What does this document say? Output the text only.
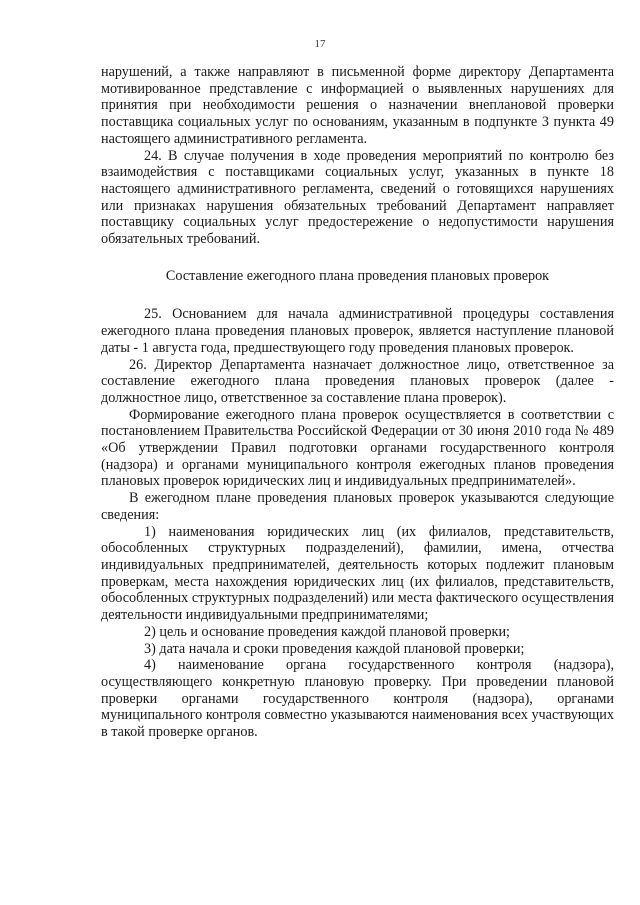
17

нарушений, а также направляют в письменной форме директору Департамента мотивированное представление с информацией о выявленных нарушениях для принятия при необходимости решения о назначении внеплановой проверки поставщика социальных услуг по основаниям, указанным в подпункте 3 пункта 49 настоящего административного регламента.

24. В случае получения в ходе проведения мероприятий по контролю без взаимодействия с поставщиками социальных услуг, указанных в пункте 18 настоящего административного регламента, сведений о готовящихся нарушениях или признаках нарушения обязательных требований Департамент направляет поставщику социальных услуг предостережение о недопустимости нарушения обязательных требований.

Составление ежегодного плана проведения плановых проверок

25. Основанием для начала административной процедуры составления ежегодного плана проведения плановых проверок, является наступление плановой даты - 1 августа года, предшествующего году проведения плановых проверок.

26. Директор Департамента назначает должностное лицо, ответственное за составление ежегодного плана проведения плановых проверок (далее - должностное лицо, ответственное за составление плана проверок).

Формирование ежегодного плана проверок осуществляется в соответствии с постановлением Правительства Российской Федерации от 30 июня 2010 года № 489 «Об утверждении Правил подготовки органами государственного контроля (надзора) и органами муниципального контроля ежегодных планов проведения плановых проверок юридических лиц и индивидуальных предпринимателей».

В ежегодном плане проведения плановых проверок указываются следующие сведения:

1) наименования юридических лиц (их филиалов, представительств, обособленных структурных подразделений), фамилии, имена, отчества индивидуальных предпринимателей, деятельность которых подлежит плановым проверкам, места нахождения юридических лиц (их филиалов, представительств, обособленных структурных подразделений) или места фактического осуществления деятельности индивидуальными предпринимателями;

2) цель и основание проведения каждой плановой проверки;

3) дата начала и сроки проведения каждой плановой проверки;

4) наименование органа государственного контроля (надзора), осуществляющего конкретную плановую проверку. При проведении плановой проверки органами государственного контроля (надзора), органами муниципального контроля совместно указываются наименования всех участвующих в такой проверке органов.
